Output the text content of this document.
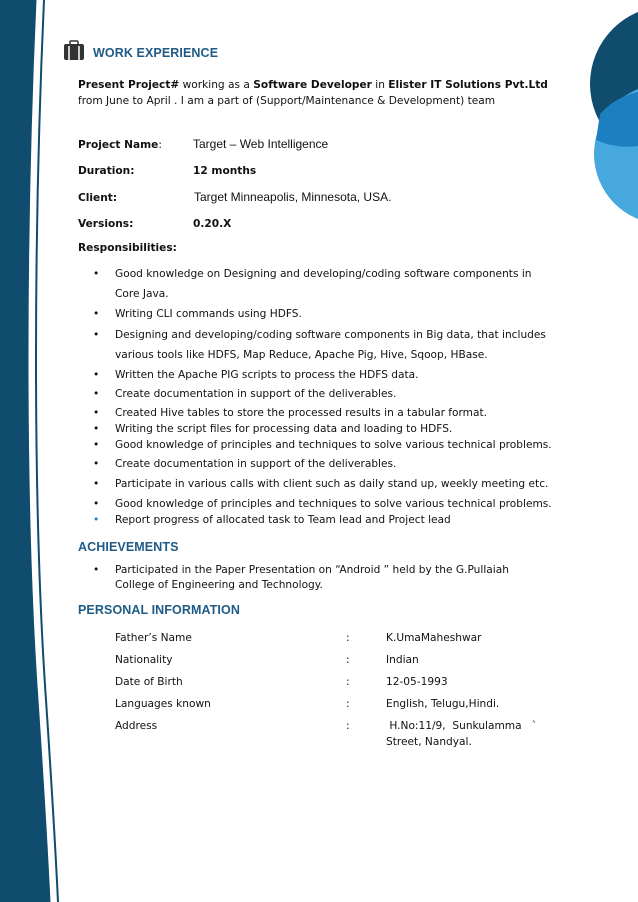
WORK EXPERIENCE
Present Project# working as a Software Developer in Elister IT Solutions Pvt.Ltd
from June to April . I am a part of (Support/Maintenance & Development) team
Project Name:	Target – Web Intelligence
Duration:	12 months
Client:	Target Minneapolis, Minnesota, USA.
Versions:	0.20.X
Responsibilities:
• Good knowledge on Designing and developing/coding software components in
Core Java.
• Writing CLI commands using HDFS.
• Designing and developing/coding software components in Big data, that includes
various tools like HDFS, Map Reduce, Apache Pig, Hive, Sqoop, HBase.
• Written the Apache PIG scripts to process the HDFS data.
• Create documentation in support of the deliverables.
• Created Hive tables to store the processed results in a tabular format.
• Writing the script files for processing data and loading to HDFS.
• Good knowledge of principles and techniques to solve various technical problems.
• Create documentation in support of the deliverables.
• Participate in various calls with client such as daily stand up, weekly meeting etc.
• Good knowledge of principles and techniques to solve various technical problems.
• Report progress of allocated task to Team lead and Project lead
ACHIEVEMENTS
• Participated in the Paper Presentation on “Android ” held by the G.Pullaiah
College of Engineering and Technology.
PERSONAL INFORMATION
Father’s Name	:	K.UmaMaheshwar
Nationality	:	Indian
Date of Birth	:	12-05-1993
Languages known	:	English, Telugu,Hindi.
Address	:	H.No:11/9,  Sunkulamma   `
Street, Nandyal.
